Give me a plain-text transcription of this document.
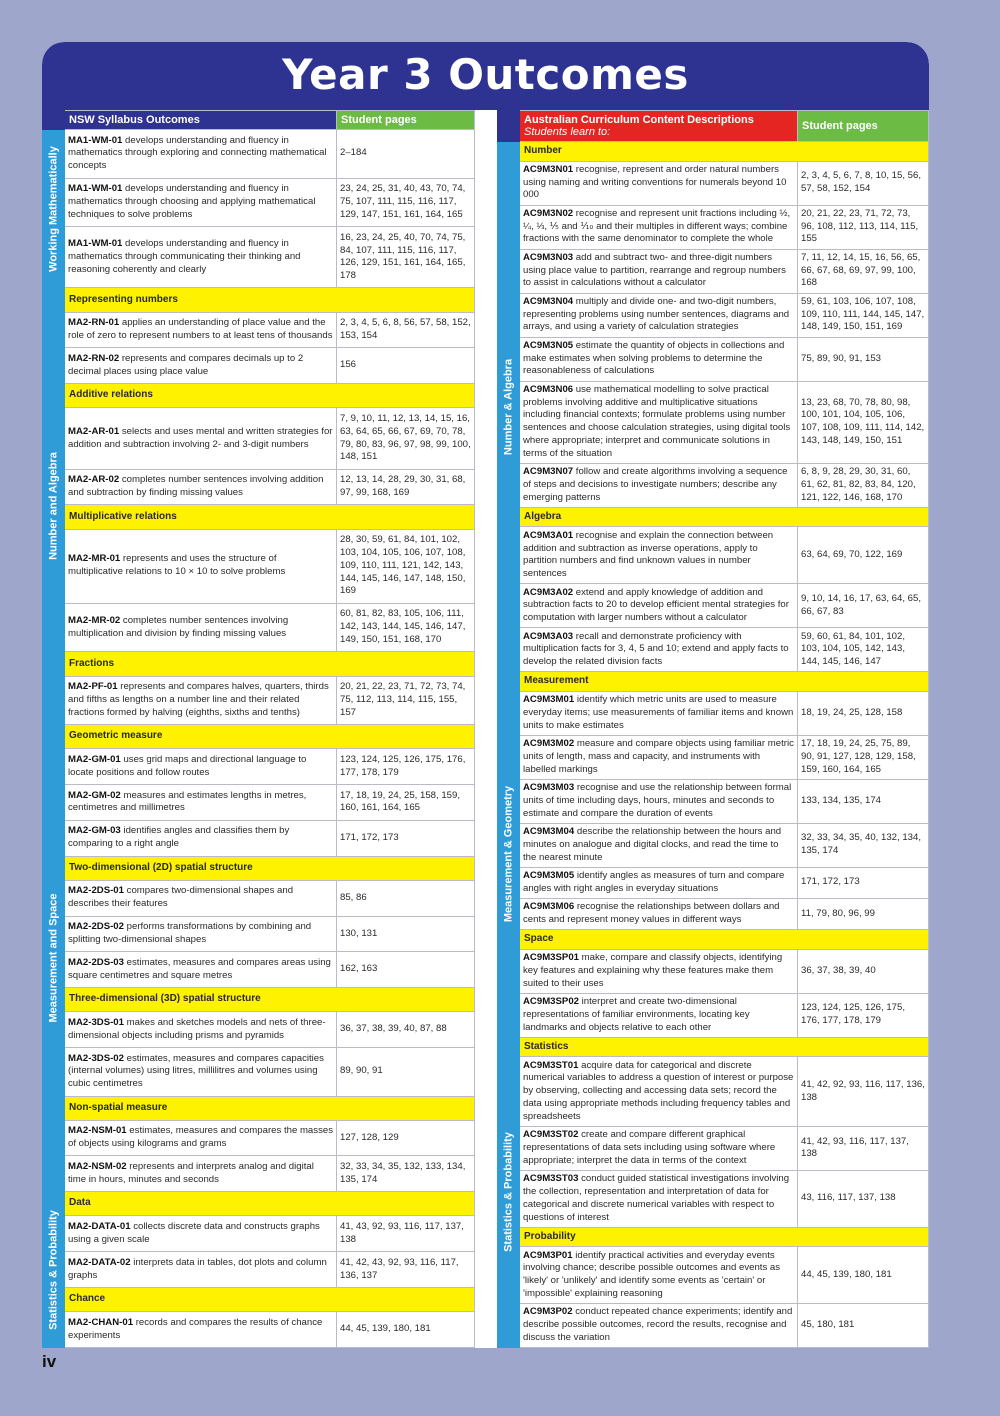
Year 3 Outcomes
	NSW Syllabus Outcomes	Student pages

Working Mathematically	MA1-WM-01 develops understanding and fluency in mathematics through exploring and connecting mathematical concepts	2–184
	MA1-WM-01 develops understanding and fluency in mathematics through choosing and applying mathematical techniques to solve problems	23, 24, 25, 31, 40, 43, 70, 74, 75, 107, 111, 115, 116, 117, 129, 147, 151, 161, 164, 165
	MA1-WM-01 develops understanding and fluency in mathematics through communicating their thinking and reasoning coherently and clearly	16, 23, 24, 25, 40, 70, 74, 75, 84, 107, 111, 115, 116, 117, 126, 129, 151, 161, 164, 165, 178

Number and Algebra	Representing numbers	
	MA2-RN-01 applies an understanding of place value and the role of zero to represent numbers to at least tens of thousands	2, 3, 4, 5, 6, 8, 56, 57, 58, 152, 153, 154
	MA2-RN-02 represents and compares decimals up to 2 decimal places using place value	156
	Additive relations	
	MA2-AR-01 selects and uses mental and written strategies for addition and subtraction involving 2- and 3-digit numbers	7, 9, 10, 11, 12, 13, 14, 15, 16, 63, 64, 65, 66, 67, 69, 70, 78, 79, 80, 83, 96, 97, 98, 99, 100, 148, 151
	MA2-AR-02 completes number sentences involving addition and subtraction by finding missing values	12, 13, 14, 28, 29, 30, 31, 68, 97, 99, 168, 169
	Multiplicative relations	
	MA2-MR-01 represents and uses the structure of multiplicative relations to 10 × 10 to solve problems	28, 30, 59, 61, 84, 101, 102, 103, 104, 105, 106, 107, 108, 109, 110, 111, 121, 142, 143, 144, 145, 146, 147, 148, 150, 169
	MA2-MR-02 completes number sentences involving multiplication and division by finding missing values	60, 81, 82, 83, 105, 106, 111, 142, 143, 144, 145, 146, 147, 149, 150, 151, 168, 170
	Fractions	
	MA2-PF-01 represents and compares halves, quarters, thirds and fifths as lengths on a number line and their related fractions formed by halving (eighths, sixths and tenths)	20, 21, 22, 23, 71, 72, 73, 74, 75, 112, 113, 114, 115, 155, 157

Measurement and Space	Geometric measure	
	MA2-GM-01 uses grid maps and directional language to locate positions and follow routes	123, 124, 125, 126, 175, 176, 177, 178, 179
	MA2-GM-02 measures and estimates lengths in metres, centimetres and millimetres	17, 18, 19, 24, 25, 158, 159, 160, 161, 164, 165
	MA2-GM-03 identifies angles and classifies them by comparing to a right angle	171, 172, 173
	Two-dimensional (2D) spatial structure	
	MA2-2DS-01 compares two-dimensional shapes and describes their features	85, 86
	MA2-2DS-02 performs transformations by combining and splitting two-dimensional shapes	130, 131
	MA2-2DS-03 estimates, measures and compares areas using square centimetres and square metres	162, 163
	Three-dimensional (3D) spatial structure	
	MA2-3DS-01 makes and sketches models and nets of three-dimensional objects including prisms and pyramids	36, 37, 38, 39, 40, 87, 88
	MA2-3DS-02 estimates, measures and compares capacities (internal volumes) using litres, millilitres and volumes using cubic centimetres	89, 90, 91
	Non-spatial measure	
	MA2-NSM-01 estimates, measures and compares the masses of objects using kilograms and grams	127, 128, 129
	MA2-NSM-02 represents and interprets analog and digital time in hours, minutes and seconds	32, 33, 34, 35, 132, 133, 134, 135, 174

Statistics & Probability	Data	
	MA2-DATA-01 collects discrete data and constructs graphs using a given scale	41, 43, 92, 93, 116, 117, 137, 138
	MA2-DATA-02 interprets data in tables, dot plots and column graphs	41, 42, 43, 92, 93, 116, 117, 136, 137
	Chance	
	MA2-CHAN-01 records and compares the results of chance experiments	44, 45, 139, 180, 181
	Australian Curriculum Content Descriptions
Students learn to:	Student pages

Number & Algebra	Number	
	AC9M3N01 recognise, represent and order natural numbers using naming and writing conventions for numerals beyond 10 000	2, 3, 4, 5, 6, 7, 8, 10, 15, 56, 57, 58, 152, 154
	AC9M3N02 recognise and represent unit fractions including ½, ¼, ⅓, ⅕ and ⅒ and their multiples in different ways; combine fractions with the same denominator to complete the whole	20, 21, 22, 23, 71, 72, 73, 96, 108, 112, 113, 114, 115, 155
	AC9M3N03 add and subtract two- and three-digit numbers using place value to partition, rearrange and regroup numbers to assist in calculations without a calculator	7, 11, 12, 14, 15, 16, 56, 65, 66, 67, 68, 69, 97, 99, 100, 168
	AC9M3N04 multiply and divide one- and two-digit numbers, representing problems using number sentences, diagrams and arrays, and using a variety of calculation strategies	59, 61, 103, 106, 107, 108, 109, 110, 111, 144, 145, 147, 148, 149, 150, 151, 169
	AC9M3N05 estimate the quantity of objects in collections and make estimates when solving problems to determine the reasonableness of calculations	75, 89, 90, 91, 153
	AC9M3N06 use mathematical modelling to solve practical problems involving additive and multiplicative situations including financial contexts; formulate problems using number sentences and choose calculation strategies, using digital tools where appropriate; interpret and communicate solutions in terms of the situation	13, 23, 68, 70, 78, 80, 98, 100, 101, 104, 105, 106, 107, 108, 109, 111, 114, 142, 143, 148, 149, 150, 151
	AC9M3N07 follow and create algorithms involving a sequence of steps and decisions to investigate numbers; describe any emerging patterns	6, 8, 9, 28, 29, 30, 31, 60, 61, 62, 81, 82, 83, 84, 120, 121, 122, 146, 168, 170
	Algebra	
	AC9M3A01 recognise and explain the connection between addition and subtraction as inverse operations, apply to partition numbers and find unknown values in number sentences	63, 64, 69, 70, 122, 169
	AC9M3A02 extend and apply knowledge of addition and subtraction facts to 20 to develop efficient mental strategies for computation with larger numbers without a calculator	9, 10, 14, 16, 17, 63, 64, 65, 66, 67, 83
	AC9M3A03 recall and demonstrate proficiency with multiplication facts for 3, 4, 5 and 10; extend and apply facts to develop the related division facts	59, 60, 61, 84, 101, 102, 103, 104, 105, 142, 143, 144, 145, 146, 147

Measurement & Geometry	Measurement	
	AC9M3M01 identify which metric units are used to measure everyday items; use measurements of familiar items and known units to make estimates	18, 19, 24, 25, 128, 158
	AC9M3M02 measure and compare objects using familiar metric units of length, mass and capacity, and instruments with labelled markings	17, 18, 19, 24, 25, 75, 89, 90, 91, 127, 128, 129, 158, 159, 160, 164, 165
	AC9M3M03 recognise and use the relationship between formal units of time including days, hours, minutes and seconds to estimate and compare the duration of events	133, 134, 135, 174
	AC9M3M04 describe the relationship between the hours and minutes on analogue and digital clocks, and read the time to the nearest minute	32, 33, 34, 35, 40, 132, 134, 135, 174
	AC9M3M05 identify angles as measures of turn and compare angles with right angles in everyday situations	171, 172, 173
	AC9M3M06 recognise the relationships between dollars and cents and represent money values in different ways	11, 79, 80, 96, 99
	Space	
	AC9M3SP01 make, compare and classify objects, identifying key features and explaining why these features make them suited to their uses	36, 37, 38, 39, 40
	AC9M3SP02 interpret and create two-dimensional representations of familiar environments, locating key landmarks and objects relative to each other	123, 124, 125, 126, 175, 176, 177, 178, 179

Statistics & Probability	Statistics	
	AC9M3ST01 acquire data for categorical and discrete numerical variables to address a question of interest or purpose by observing, collecting and accessing data sets; record the data using appropriate methods including frequency tables and spreadsheets	41, 42, 92, 93, 116, 117, 136, 138
	AC9M3ST02 create and compare different graphical representations of data sets including using software where appropriate; interpret the data in terms of the context	41, 42, 93, 116, 117, 137, 138
	AC9M3ST03 conduct guided statistical investigations involving the collection, representation and interpretation of data for categorical and discrete numerical variables with respect to questions of interest	43, 116, 117, 137, 138
	Probability	
	AC9M3P01 identify practical activities and everyday events involving chance; describe possible outcomes and events as 'likely' or 'unlikely' and identify some events as 'certain' or 'impossible' explaining reasoning	44, 45, 139, 180, 181
	AC9M3P02 conduct repeated chance experiments; identify and describe possible outcomes, record the results, recognise and discuss the variation	45, 180, 181
iv
